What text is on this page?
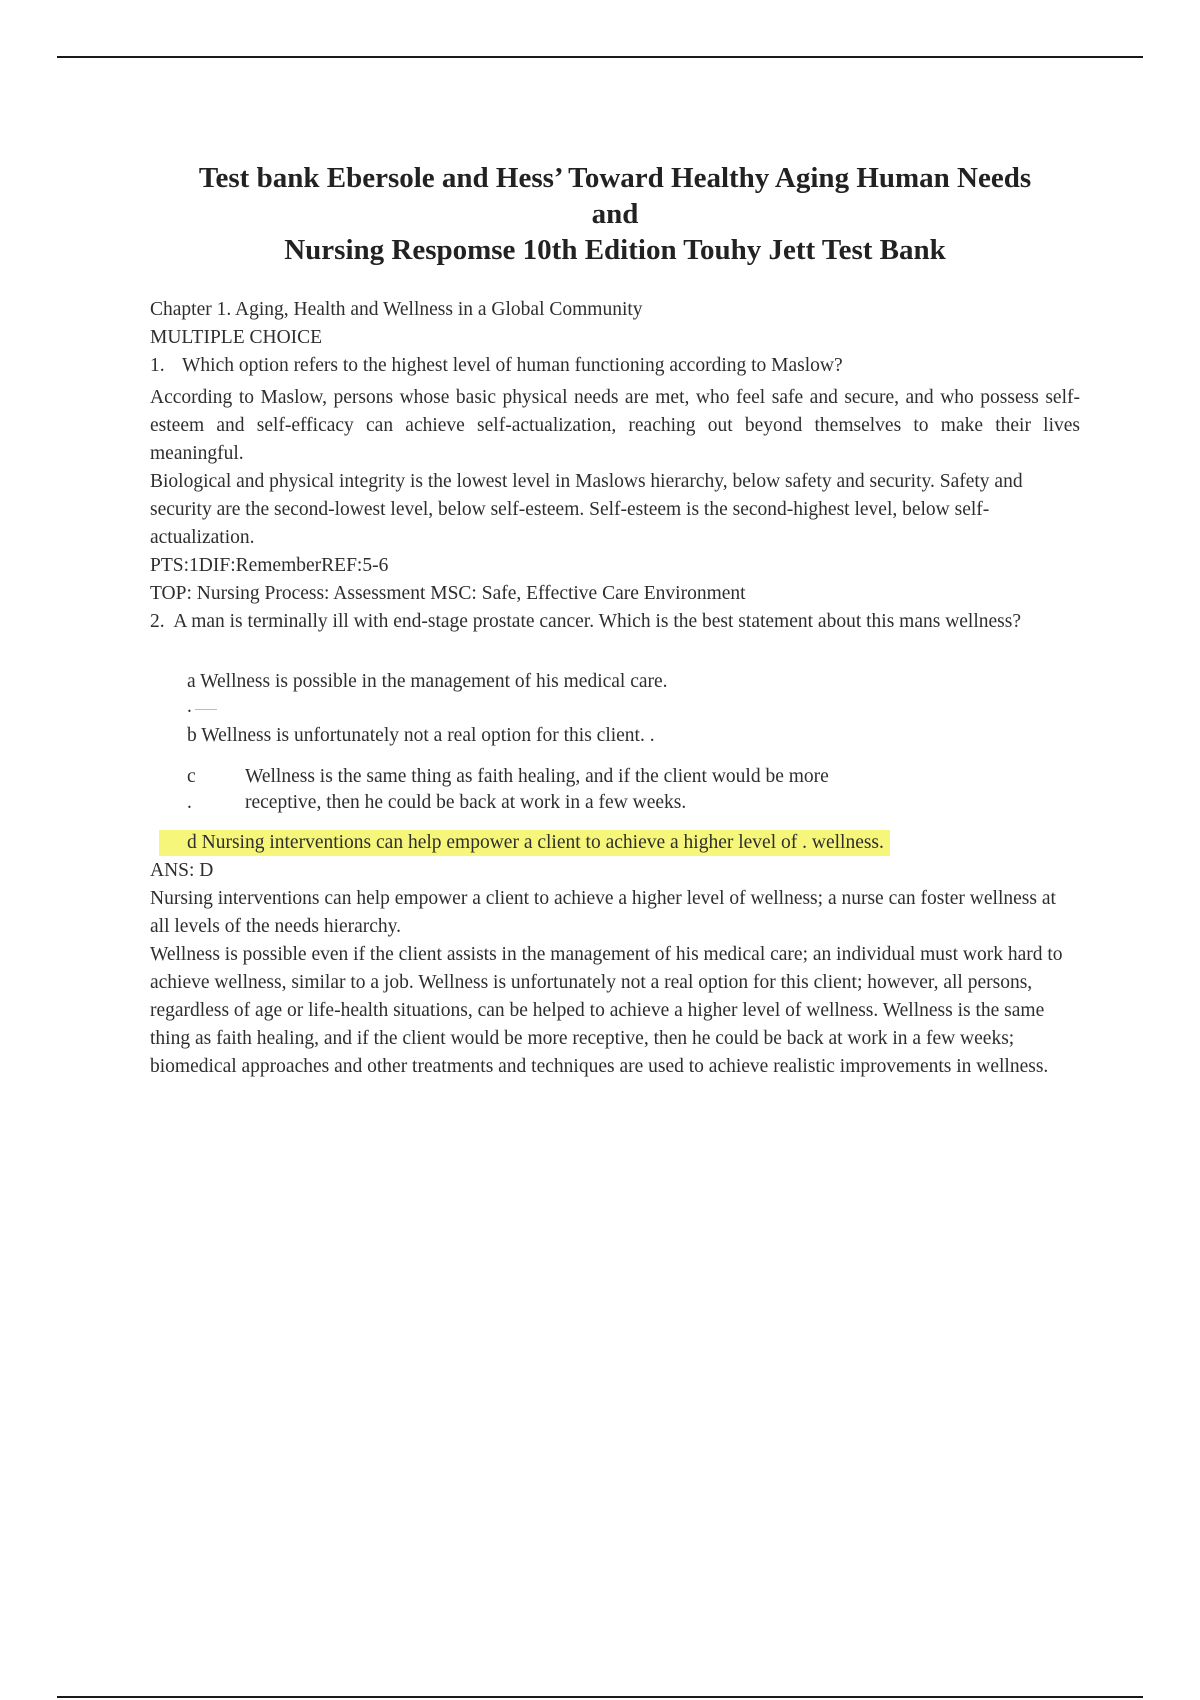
Test bank Ebersole and Hess’ Toward Healthy Aging Human Needs
and
Nursing Respomse 10th Edition Touhy Jett Test Bank
Chapter 1. Aging, Health and Wellness in a Global Community
MULTIPLE CHOICE
1. Which option refers to the highest level of human functioning according to Maslow?
According to Maslow, persons whose basic physical needs are met, who feel safe and secure, and who possess self-esteem and self-efficacy can achieve self-actualization, reaching out beyond themselves to make their lives meaningful.
Biological and physical integrity is the lowest level in Maslows hierarchy, below safety and security. Safety and security are the second-lowest level, below self-esteem. Self-esteem is the second-highest level, below self-actualization.
PTS:1DIF:RememberREF:5-6
TOP: Nursing Process: Assessment MSC: Safe, Effective Care Environment
2. A man is terminally ill with end-stage prostate cancer. Which is the best statement about this mans wellness?
a Wellness is possible in the management of his medical care.
.
b Wellness is unfortunately not a real option for this client. .
c
.
Wellness is the same thing as faith healing, and if the client would be more
receptive, then he could be back at work in a few weeks.
d Nursing interventions can help empower a client to achieve a higher level of . wellness.
ANS: D
Nursing interventions can help empower a client to achieve a higher level of wellness; a nurse can foster wellness at all levels of the needs hierarchy.
Wellness is possible even if the client assists in the management of his medical care; an individual must work hard to achieve wellness, similar to a job. Wellness is unfortunately not a real option for this client; however, all persons, regardless of age or life-health situations, can be helped to achieve a higher level of wellness. Wellness is the same thing as faith healing, and if the client would be more receptive, then he could be back at work in a few weeks; biomedical approaches and other treatments and techniques are used to achieve realistic improvements in wellness.
